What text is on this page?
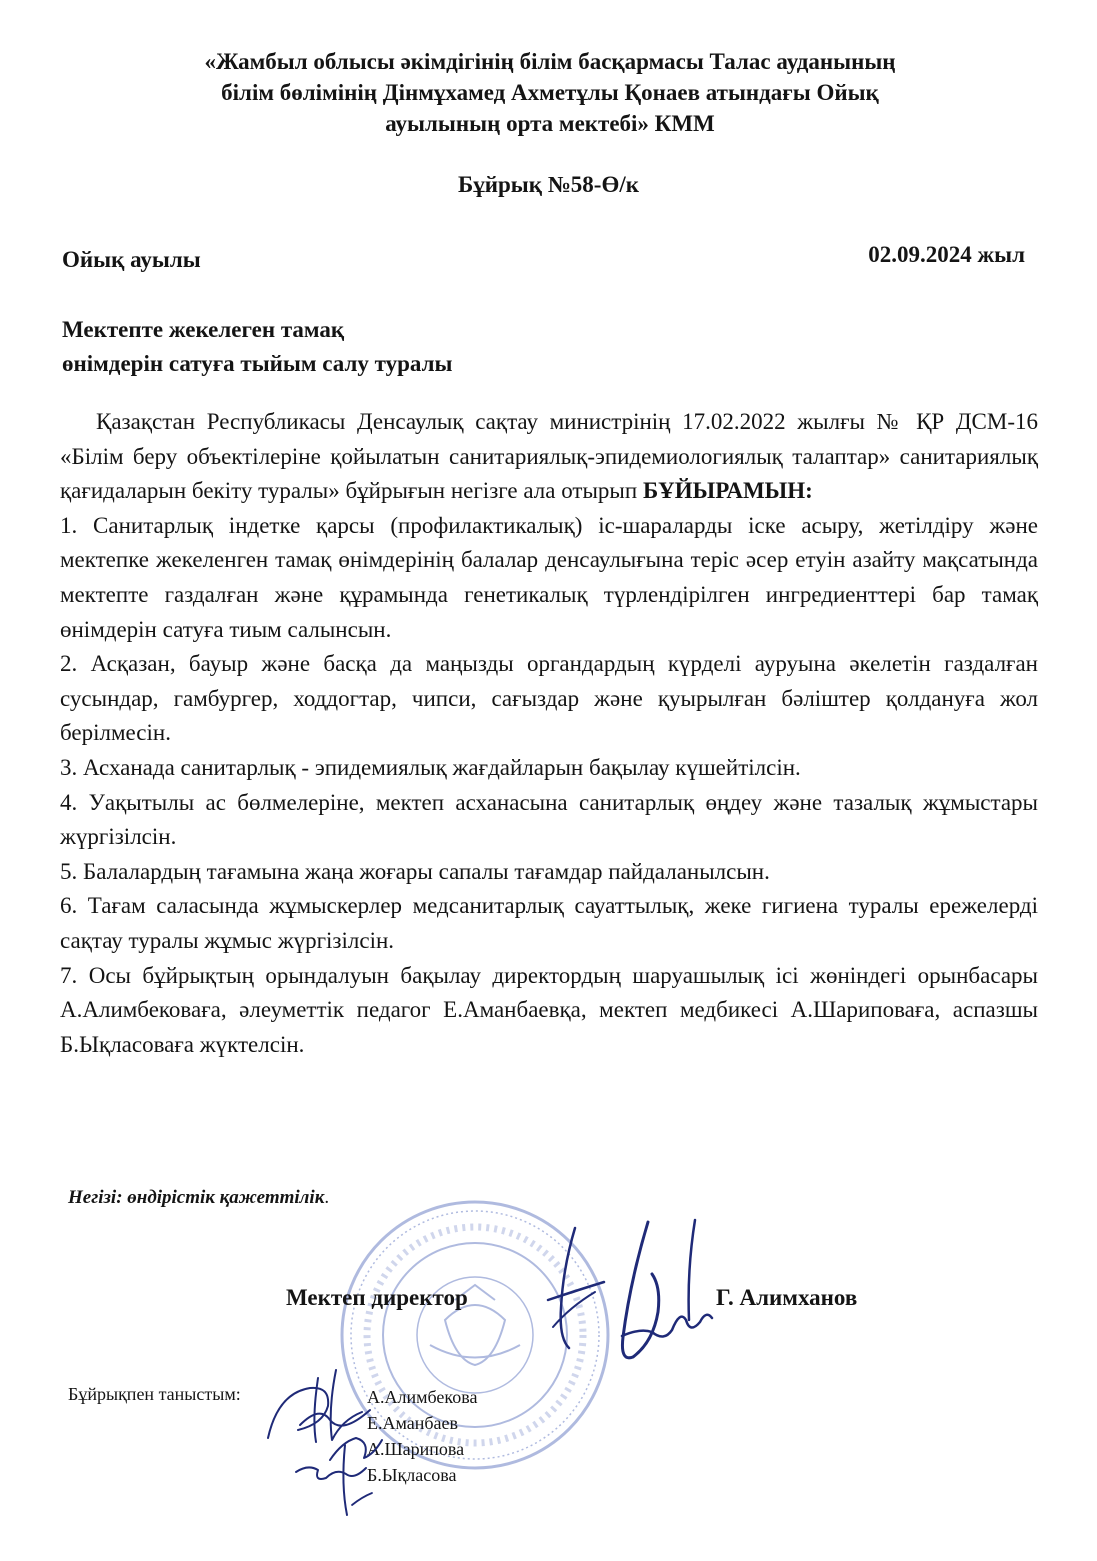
«Жамбыл облысы әкімдігінің білім басқармасы Талас ауданының
білім бөлімінің Дінмұхамед Ахметұлы Қонаев атындағы Ойық
ауылының орта мектебі» КММ
Бұйрық №58-Ө/к
Ойық ауылы	02.09.2024 жыл
Мектепте жекелеген тамақ
өнімдерін сатуға тыйым салу туралы

Қазақстан Республикасы Денсаулық сақтау министрінің 17.02.2022 жылғы № ҚР ДСМ-16 «Білім беру объектілеріне қойылатын санитариялық-эпидемиологиялық талаптар» санитариялық қағидаларын бекіту туралы» бұйрығын негізге ала отырып БҰЙЫРАМЫН:

1. Санитарлық індетке қарсы (профилактикалық) іс-шараларды іске асыру, жетілдіру және мектепке жекеленген тамақ өнімдерінің балалар денсаулығына теріс әсер етуін азайту мақсатында мектепте газдалған және құрамында генетикалық түрлендірілген ингредиенттері бар тамақ өнімдерін сатуға тиым салынсын.

2. Асқазан, бауыр және басқа да маңызды органдардың күрделі ауруына әкелетін газдалған сусындар, гамбургер, ходдогтар, чипси, сағыздар және қуырылған бәліштер қолдануға жол берілмесін.

3. Асханада санитарлық - эпидемиялық жағдайларын бақылау күшейтілсін.

4. Уақытылы ас бөлмелеріне, мектеп асханасына санитарлық өңдеу және тазалық жұмыстары жүргізілсін.

5. Балалардың тағамына жаңа жоғары сапалы тағамдар пайдаланылсын.

6. Тағам саласында жұмыскерлер медсанитарлық сауаттылық, жеке гигиена туралы ережелерді сақтау туралы жұмыс жүргізілсін.

7. Осы бұйрықтың орындалуын бақылау директордың шаруашылық ісі жөніндегі орынбасары А.Алимбековаға, әлеуметтік педагог Е.Аманбаевқа, мектеп медбикесі А.Шариповаға, аспазшы Б.Ықласоваға жүктелсін.

Негізі: өндірістік қажеттілік.
Мектеп директор	Г. Алимханов
Бұйрықпен таныстым:	А.Алимбекова
Е.Аманбаев
А.Шарипова
Б.Ықласова
